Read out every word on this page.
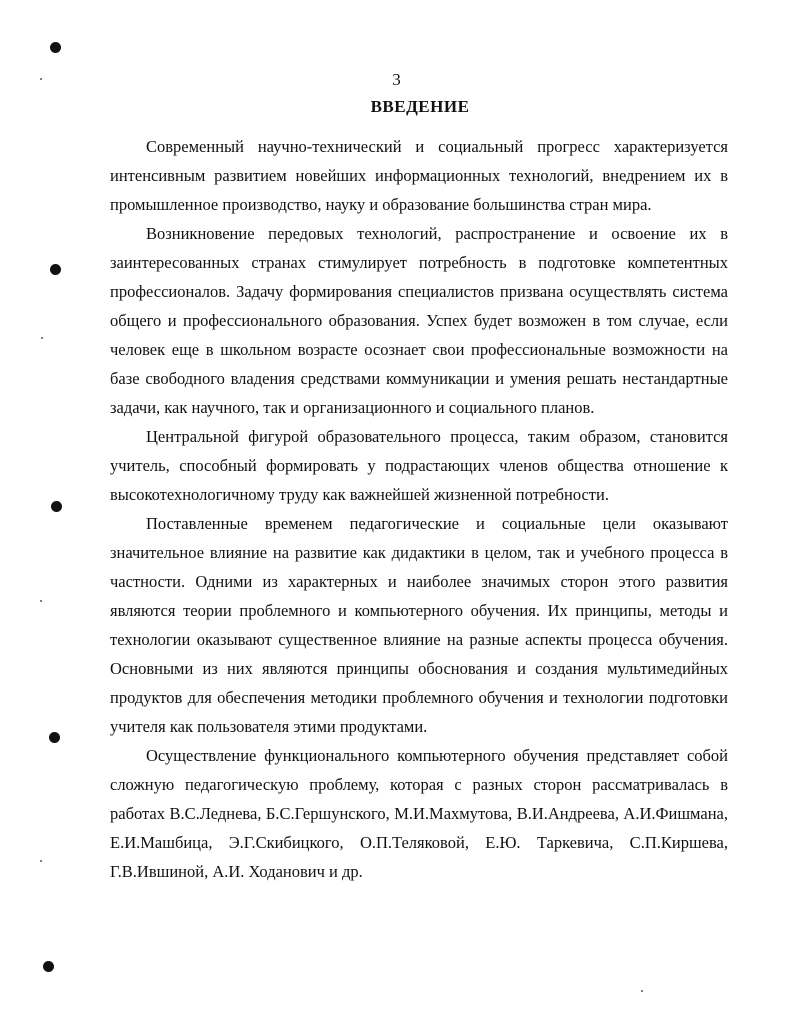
3
ВВЕДЕНИЕ

Современный научно-технический и социальный прогресс характеризуется интенсивным развитием новейших информационных технологий, внедрением их в промышленное производство, науку и образование большинства стран мира.

Возникновение передовых технологий, распространение и освоение их в заинтересованных странах стимулирует потребность в подготовке компетентных профессионалов. Задачу формирования специалистов призвана осуществлять система общего и профессионального образования. Успех будет возможен в том случае, если человек еще в школьном возрасте осознает свои профессиональные возможности на базе свободного владения средствами коммуникации и умения решать нестандартные задачи, как научного, так и организационного и социального планов.

Центральной фигурой образовательного процесса, таким образом, становится учитель, способный формировать у подрастающих членов общества отношение к высокотехнологичному труду как важнейшей жизненной потребности.

Поставленные временем педагогические и социальные цели оказывают значительное влияние на развитие как дидактики в целом, так и учебного процесса в частности. Одними из характерных и наиболее значимых сторон этого развития являются теории проблемного и компьютерного обучения. Их принципы, методы и технологии оказывают существенное влияние на разные аспекты процесса обучения. Основными из них являются принципы обоснования и создания мультимедийных продуктов для обеспечения методики проблемного обучения и технологии подготовки учителя как пользователя этими продуктами.

Осуществление функционального компьютерного обучения представляет собой сложную педагогическую проблему, которая с разных сторон рассматривалась в работах В.С.Леднева, Б.С.Гершунского, М.И.Махмутова, В.И.Андреева, А.И.Фишмана, Е.И.Машбица, Э.Г.Скибицкого, О.П.Теляковой, Е.Ю. Таркевича, С.П.Киршева, Г.В.Ившиной, А.И. Ходанович и др.
